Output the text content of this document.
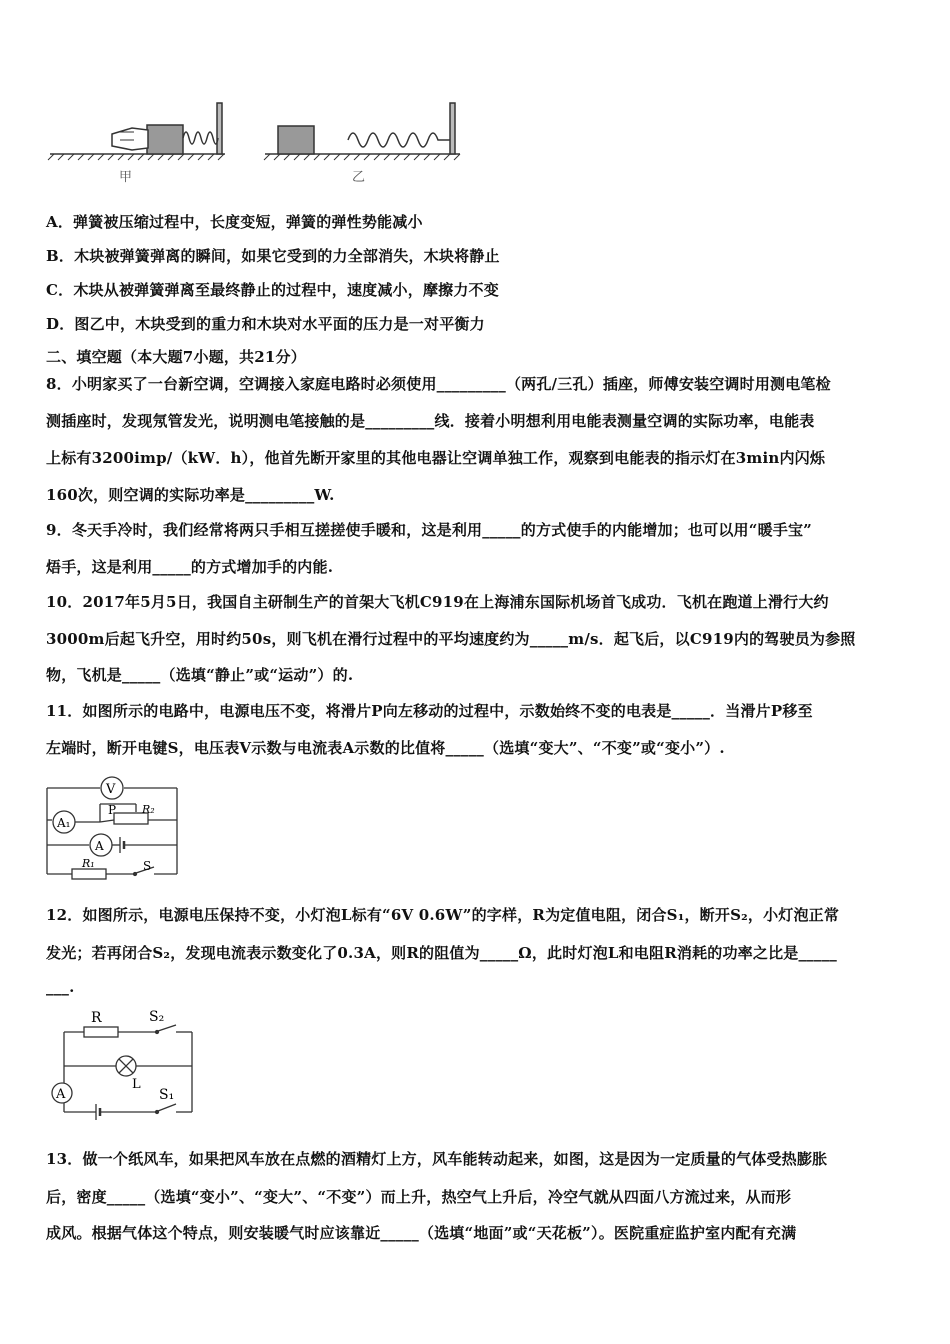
甲	乙
A．弹簧被压缩过程中，长度变短，弹簧的弹性势能减小
B．木块被弹簧弹离的瞬间，如果它受到的力全部消失，木块将静止
C．木块从被弹簧弹离至最终静止的过程中，速度减小，摩擦力不变
D．图乙中，木块受到的重力和木块对水平面的压力是一对平衡力
二、填空题（本大题7小题，共21分）
8．小明家买了一台新空调，空调接入家庭电路时必须使用_________（两孔/三孔）插座，师傅安装空调时用测电笔检
测插座时，发现氖管发光，说明测电笔接触的是_________线．接着小明想利用电能表测量空调的实际功率，电能表
上标有3200imp/（kW．h），他首先断开家里的其他电器让空调单独工作，观察到电能表的指示灯在3min内闪烁
160次，则空调的实际功率是_________W.
9．冬天手冷时，我们经常将两只手相互搓搓使手暖和，这是利用_____的方式使手的内能增加；也可以用“暖手宝”
焐手，这是利用_____的方式增加手的内能.
10．2017年5月5日，我国自主研制生产的首架大飞机C919在上海浦东国际机场首飞成功．飞机在跑道上滑行大约
3000m后起飞升空，用时约50s，则飞机在滑行过程中的平均速度约为_____m/s．起飞后，以C919内的驾驶员为参照
物，飞机是_____（选填“静止”或“运动”）的.
11．如图所示的电路中，电源电压不变，将滑片P向左移动的过程中，示数始终不变的电表是_____．当滑片P移至
左端时，断开电键S，电压表V示数与电流表A示数的比值将_____（选填“变大”、“不变”或“变小”）.
V
A₁
A
P R₂
R₁	S
12．如图所示，电源电压保持不变，小灯泡L标有“6V 0.6W”的字样，R为定值电阻，闭合S₁，断开S₂，小灯泡正常
发光；若再闭合S₂，发现电流表示数变化了0.3A，则R的阻值为_____Ω，此时灯泡L和电阻R消耗的功率之比是_____
___.
R	S₂
L
A	S₁
13．做一个纸风车，如果把风车放在点燃的酒精灯上方，风车能转动起来，如图，这是因为一定质量的气体受热膨胀
后，密度_____（选填“变小”、“变大”、“不变”）而上升，热空气上升后，冷空气就从四面八方流过来，从而形
成风。根据气体这个特点，则安装暖气时应该靠近_____（选填“地面”或“天花板”）。医院重症监护室内配有充满
